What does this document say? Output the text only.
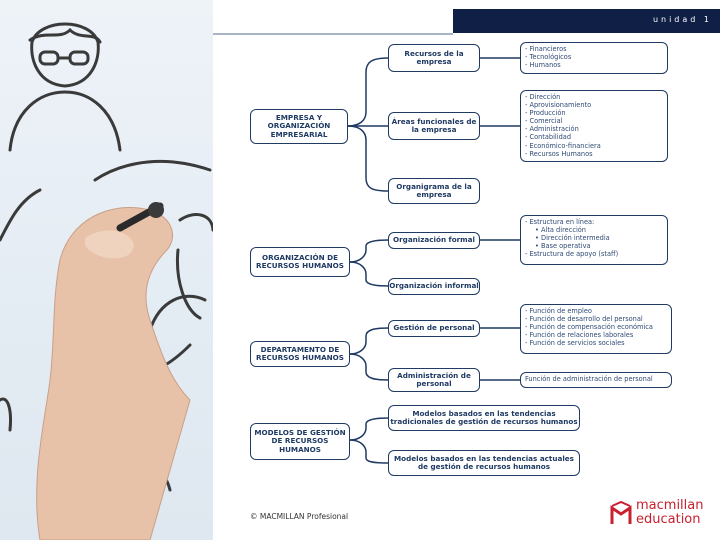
unidad 1
EMPRESA Y ORGANIZACIÓN EMPRESARIAL
Recursos de la empresa
Áreas funcionales de la empresa
Organigrama de la empresa
- Financieros
- Tecnológicos
- Humanos
- Dirección
- Aprovisionamiento
- Producción
- Comercial
- Administración
- Contabilidad
- Económico-financiera
- Recursos Humanos
ORGANIZACIÓN DE RECURSOS HUMANOS
Organización formal
Organización informal
- Estructura en línea:
• Alta dirección
• Dirección intermedia
• Base operativa
- Estructura de apoyo (staff)
DEPARTAMENTO DE RECURSOS HUMANOS
Gestión de personal
Administración de personal
- Función de empleo
- Función de desarrollo del personal
- Función de compensación económica
- Función de relaciones laborales
- Función de servicios sociales
Función de administración de personal
MODELOS DE GESTIÓN DE RECURSOS HUMANOS
Modelos basados en las tendencias tradicionales de gestión de recursos humanos
Modelos basados en las tendencias actuales de gestión de recursos humanos
© MACMILLAN Profesional
macmillan
education
